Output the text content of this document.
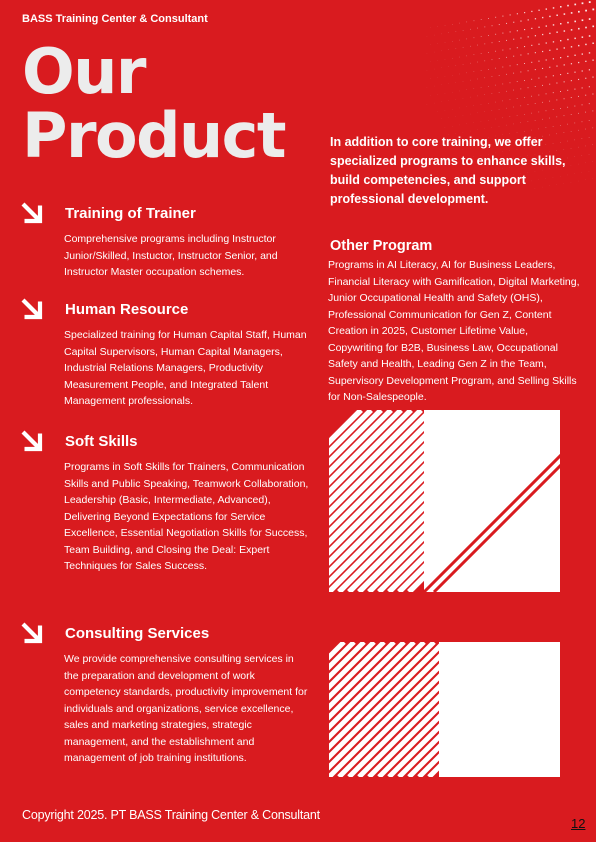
BASS Training Center & Consultant
Our
Product
Training of Trainer
Comprehensive programs including Instructor Junior/Skilled, Instuctor, Instructor Senior, and Instructor Master occupation schemes.
Human Resource
Specialized training for Human Capital Staff, Human Capital Supervisors, Human Capital Managers, Industrial Relations Managers, Productivity Measurement People, and Integrated Talent Management professionals.
Soft Skills
Programs in Soft Skills for Trainers, Communication Skills and Public Speaking, Teamwork Collaboration, Leadership (Basic, Intermediate, Advanced), Delivering Beyond Expectations for Service Excellence, Essential Negotiation Skills for Success, Team Building, and Closing the Deal: Expert Techniques for Sales Success.
Consulting Services
We provide comprehensive consulting services in the preparation and development of work competency standards, productivity improvement for individuals and organizations, service excellence, sales and marketing strategies, strategic management, and the establishment and management of job training institutions.

In addition to core training, we offer specialized programs to enhance skills, build competencies, and support professional development.

Other Program

Programs in AI Literacy, AI for Business Leaders, Financial Literacy with Gamification, Digital Marketing, Junior Occupational Health and Safety (OHS), Professional Communication for Gen Z, Content Creation in 2025, Customer Lifetime Value, Copywriting for B2B, Business Law, Occupational Safety and Health, Leading Gen Z in the Team, Supervisory Development Program, and Selling Skills for Non-Salespeople.

Copyright 2025. PT BASS Training Center & Consultant
12
